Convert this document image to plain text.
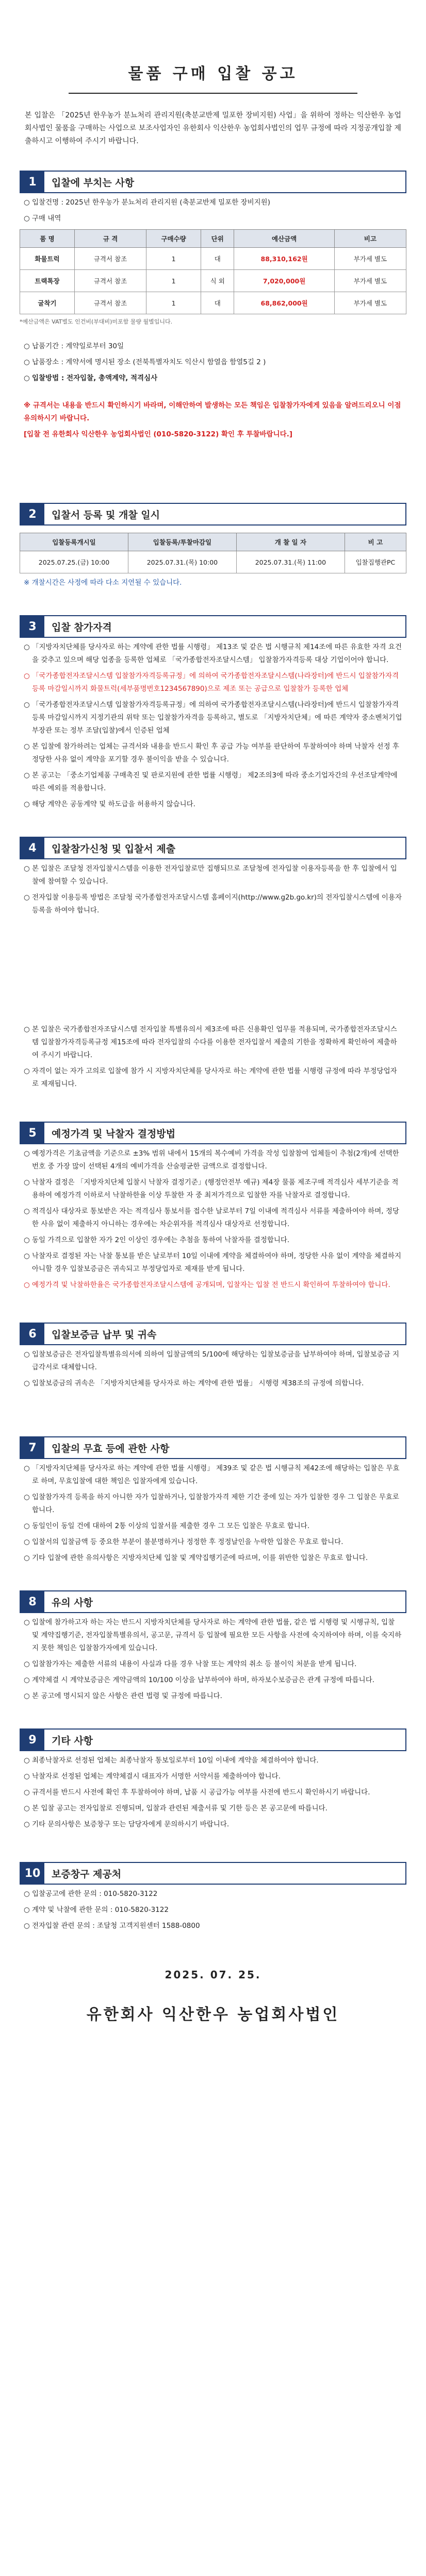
물품 구매 입찰 공고
본 입찰은 「2025년 한우농가 분뇨처리 관리지원(축분교반제 밀포한 장비지원) 사업」을 위하여 정하는 익산한우 농업회사법인 물품을 구매하는 사업으로 보조사업자인 유한회사 익산한우 농업회사법인의 업무 규정에 따라 지정공개입찰 제출하시고 이행하여 주시기 바랍니다.
1	입찰에 부치는 사항
○ 입찰건명 : 2025년 한우농가 분뇨처리 관리지원 (축분교반제 밀포한 장비지원)
○ 구매 내역
품 명	규 격	구매수량	단위	예산금액	비고
화물트럭	규격서 참조	1	대	88,310,162원	부가세 별도
트랙톡장	규격서 참조	1	식 외	7,020,000원	부가세 별도
굴착기	규격서 참조	1	대	68,862,000원	부가세 별도
*예산금액은 VAT별도 인건비(부대비)미포함 물량 월별입니다.
○ 납품기간 : 계약일로부터 30일
○ 납품장소 : 계약서에 명시된 장소 (전북특별자치도 익산시 함열읍 함열5길 2 )
○ 입찰방법 : 전자입찰, 총액계약, 적격심사
※ 규격서는 내용을 반드시 확인하시기 바라며, 이해안하여 발생하는 모든 책임은 입찰참가자에게 있음을 알려드리오니 이점 유의하시기 바랍니다.
[입찰 전 유한회사 익산한우 농업회사법인 (010-5820-3122) 확인 후 투찰바랍니다.]
2	입찰서 등록 및 개찰 일시
입찰등록개시일	입찰등록/투찰마감일	개 찰 일 자	비 고
2025.07.25.(금) 10:00	2025.07.31.(목) 10:00	2025.07.31.(목) 11:00	입찰집행관PC
※ 개찰시간은 사정에 따라 다소 지연될 수 있습니다.
3	입찰 참가자격
○ 「지방자치단체를 당사자로 하는 계약에 관한 법률 시행령」 제13조 및 같은 법 시행규칙 제14조에 따른 유효한 자격 요건을 갖추고 있으며 해당 업종을 등록한 업체로 「국가종합전자조달시스템」 입찰참가자격등록 대상 기업이어야 합니다.
○ 「국가종합전자조달시스템 입찰참가자격등록규정」에 의하여 국가종합전자조달시스템(나라장터)에 반드시 입찰참가자격등록 마감일시까지 화물트럭(세부품명번호1234567890)으로 제조 또는 공급으로 입찰참가 등록한 업체
○ 「국가종합전자조달시스템 입찰참가자격등록규정」에 의하여 국가종합전자조달시스템(나라장터)에 반드시 입찰참가자격등록 마감일시까지 지정기관의 위탁 또는 입찰참가자격을 등록하고, 별도로 「지방자치단체」에 따른 계약자 중소벤처기업부장관 또는 정부 조달(입찰)에서 인증된 업체
○ 본 입찰에 참가하려는 업체는 규격서와 내용을 반드시 확인 후 공급 가능 여부를 판단하여 투찰하여야 하며 낙찰자 선정 후 정당한 사유 없이 계약을 포기할 경우 불이익을 받을 수 있습니다.
○ 본 공고는 「중소기업제품 구매촉진 및 판로지원에 관한 법률 시행령」 제2조의3에 따라 중소기업자간의 우선조달계약에 따른 예외를 적용합니다.
○ 해당 계약은 공동계약 및 하도급을 허용하지 않습니다.
4	입찰참가신청 및 입찰서 제출
○ 본 입찰은 조달청 전자입찰시스템을 이용한 전자입찰로만 집행되므로 조달청에 전자입찰 이용자등록을 한 후 입찰에서 입찰에 참여할 수 있습니다.
○ 전자입찰 이용등록 방법은 조달청 국가종합전자조달시스템 홈페이지(http://www.g2b.go.kr)의 전자입찰시스템에 이용자등록을 하여야 합니다.
○ 본 입찰은 국가종합전자조달시스템 전자입찰 특별유의서 제3조에 따른 신용확인 업무를 적용되며, 국가종합전자조달시스템 입찰참가자격등록규정 제15조에 따라 전자입찰의 수다를 이용한 전자입찰서 제출의 기한을 정확하게 확인하여 제출하여 주시기 바랍니다.
○ 자격이 없는 자가 고의로 입찰에 참가 시 지방자치단체를 당사자로 하는 계약에 관한 법률 시행령 규정에 따라 부정당업자로 제재됩니다.
5	예정가격 및 낙찰자 결정방법
○ 예정가격은 기초금액을 기준으로 ±3% 범위 내에서 15개의 복수예비 가격을 작성 입찰참여 업체들이 추첨(2개)에 선택한 번호 중 가장 많이 선택된 4개의 예비가격을 산술평균한 금액으로 결정합니다.
○ 낙찰자 결정은 「지방자치단체 입찰시 낙찰자 결정기준」(행정안전부 예규) 제4장 물품 제조구매 적격심사 세부기준을 적용하여 예정가격 이하로서 낙찰하한율 이상 투찰한 자 중 최저가격으로 입찰한 자를 낙찰자로 결정합니다.
○ 적격심사 대상자로 통보받은 자는 적격심사 통보서를 접수한 날로부터 7일 이내에 적격심사 서류를 제출하여야 하며, 정당한 사유 없이 제출하지 아니하는 경우에는 차순위자를 적격심사 대상자로 선정합니다.
○ 동일 가격으로 입찰한 자가 2인 이상인 경우에는 추첨을 통하여 낙찰자를 결정합니다.
○ 낙찰자로 결정된 자는 낙찰 통보를 받은 날로부터 10일 이내에 계약을 체결하여야 하며, 정당한 사유 없이 계약을 체결하지 아니할 경우 입찰보증금은 귀속되고 부정당업자로 제재를 받게 됩니다.
○ 예정가격 및 낙찰하한율은 국가종합전자조달시스템에 공개되며, 입찰자는 입찰 전 반드시 확인하여 투찰하여야 합니다.
6	입찰보증금 납부 및 귀속
○ 입찰보증금은 전자입찰특별유의서에 의하여 입찰금액의 5/100에 해당하는 입찰보증금을 납부하여야 하며, 입찰보증금 지급각서로 대체합니다.
○ 입찰보증금의 귀속은 「지방자치단체를 당사자로 하는 계약에 관한 법률」 시행령 제38조의 규정에 의합니다.
7	입찰의 무효 등에 관한 사항
○ 「지방자치단체를 당사자로 하는 계약에 관한 법률 시행령」 제39조 및 같은 법 시행규칙 제42조에 해당하는 입찰은 무효로 하며, 무효입찰에 대한 책임은 입찰자에게 있습니다.
○ 입찰참가자격 등록을 하지 아니한 자가 입찰하거나, 입찰참가자격 제한 기간 중에 있는 자가 입찰한 경우 그 입찰은 무효로 합니다.
○ 동일인이 동일 건에 대하여 2통 이상의 입찰서를 제출한 경우 그 모든 입찰은 무효로 합니다.
○ 입찰서의 입찰금액 등 중요한 부분이 불분명하거나 정정한 후 정정날인을 누락한 입찰은 무효로 합니다.
○ 기타 입찰에 관한 유의사항은 지방자치단체 입찰 및 계약집행기준에 따르며, 이를 위반한 입찰은 무효로 합니다.
8	유의 사항
○ 입찰에 참가하고자 하는 자는 반드시 지방자치단체를 당사자로 하는 계약에 관한 법률, 같은 법 시행령 및 시행규칙, 입찰 및 계약집행기준, 전자입찰특별유의서, 공고문, 규격서 등 입찰에 필요한 모든 사항을 사전에 숙지하여야 하며, 이를 숙지하지 못한 책임은 입찰참가자에게 있습니다.
○ 입찰참가자는 제출한 서류의 내용이 사실과 다를 경우 낙찰 또는 계약의 취소 등 불이익 처분을 받게 됩니다.
○ 계약체결 시 계약보증금은 계약금액의 10/100 이상을 납부하여야 하며, 하자보수보증금은 관계 규정에 따릅니다.
○ 본 공고에 명시되지 않은 사항은 관련 법령 및 규정에 따릅니다.
9	기타 사항
○ 최종낙찰자로 선정된 업체는 최종낙찰자 통보일로부터 10일 이내에 계약을 체결하여야 합니다.
○ 낙찰자로 선정된 업체는 계약체결시 대표자가 서명한 서약서를 제출하여야 합니다.
○ 규격서를 반드시 사전에 확인 후 투찰하여야 하며, 납품 시 공급가능 여부를 사전에 반드시 확인하시기 바랍니다.
○ 본 입찰 공고는 전자입찰로 진행되며, 입찰과 관련된 제출서류 및 기한 등은 본 공고문에 따릅니다.
○ 기타 문의사항은 보증창구 또는 담당자에게 문의하시기 바랍니다.
10	보증창구 제공처
○ 입찰공고에 관한 문의 : 010-5820-3122
○ 계약 및 낙찰에 관한 문의 : 010-5820-3122
○ 전자입찰 관련 문의 : 조달청 고객지원센터 1588-0800
2025. 07. 25.
유한회사 익산한우 농업회사법인
